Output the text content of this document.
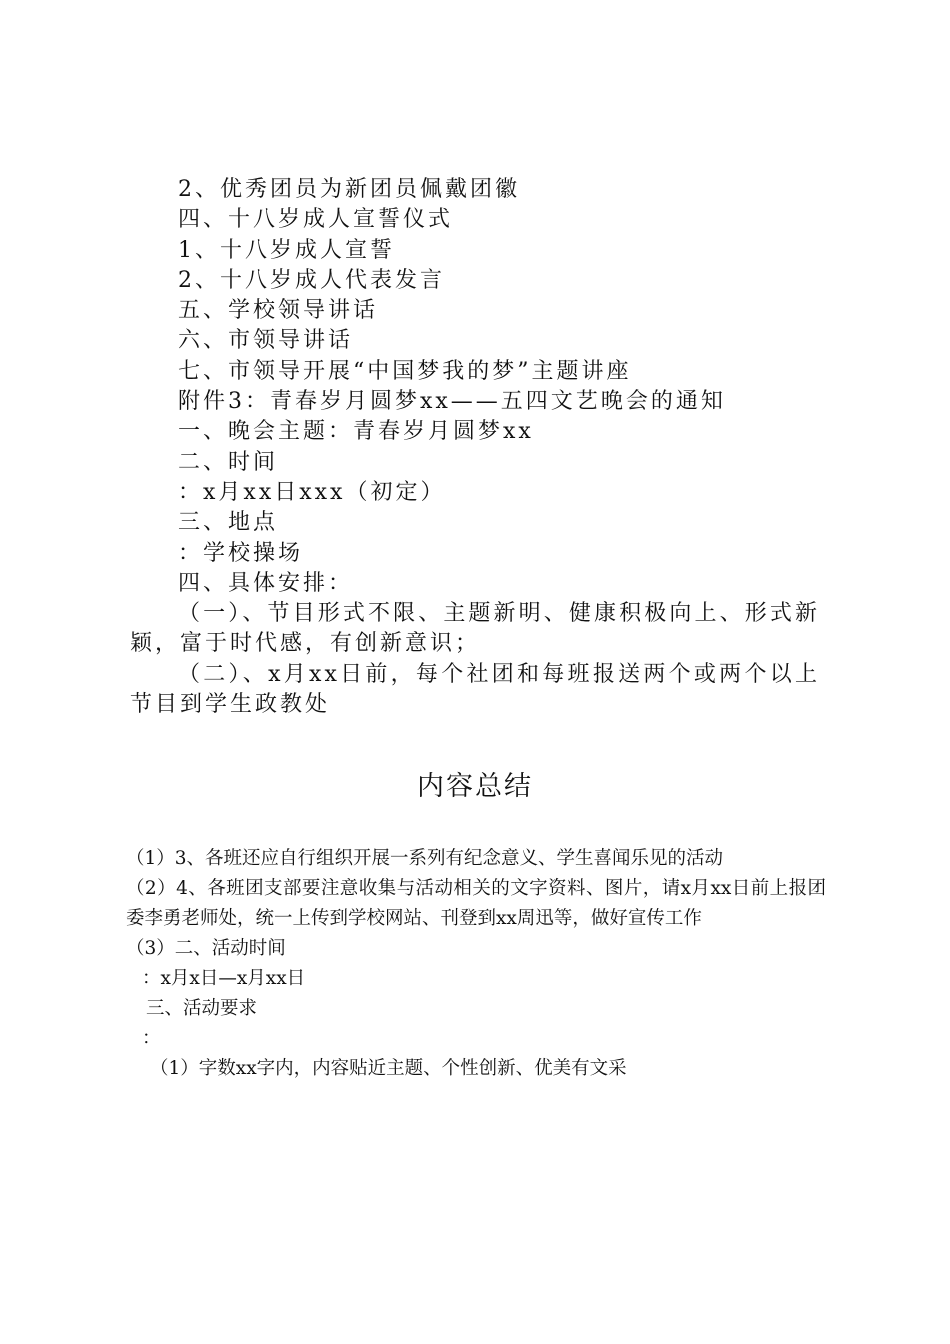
2、优秀团员为新团员佩戴团徽
四、十八岁成人宣誓仪式
1、十八岁成人宣誓
2、十八岁成人代表发言
五、学校领导讲话
六、市领导讲话
七、市领导开展“中国梦我的梦”主题讲座
附件3：青春岁月圆梦xx——五四文艺晚会的通知
一、晚会主题：青春岁月圆梦xx
二、时间
：x月xx日xxx（初定）
三、地点
：学校操场
四、具体安排：
（一）、节目形式不限、主题新明、健康积极向上、形式新颖，富于时代感，有创新意识；
（二）、x月xx日前，每个社团和每班报送两个或两个以上节目到学生政教处
内容总结
（1）3、各班还应自行组织开展一系列有纪念意义、学生喜闻乐见的活动
（2）4、各班团支部要注意收集与活动相关的文字资料、图片，请x月xx日前上报团委李勇老师处，统一上传到学校网站、刊登到xx周迅等，做好宣传工作
（3）二、活动时间
：x月x日—x月xx日
三、活动要求
：
（1）字数xx字内，内容贴近主题、个性创新、优美有文采
